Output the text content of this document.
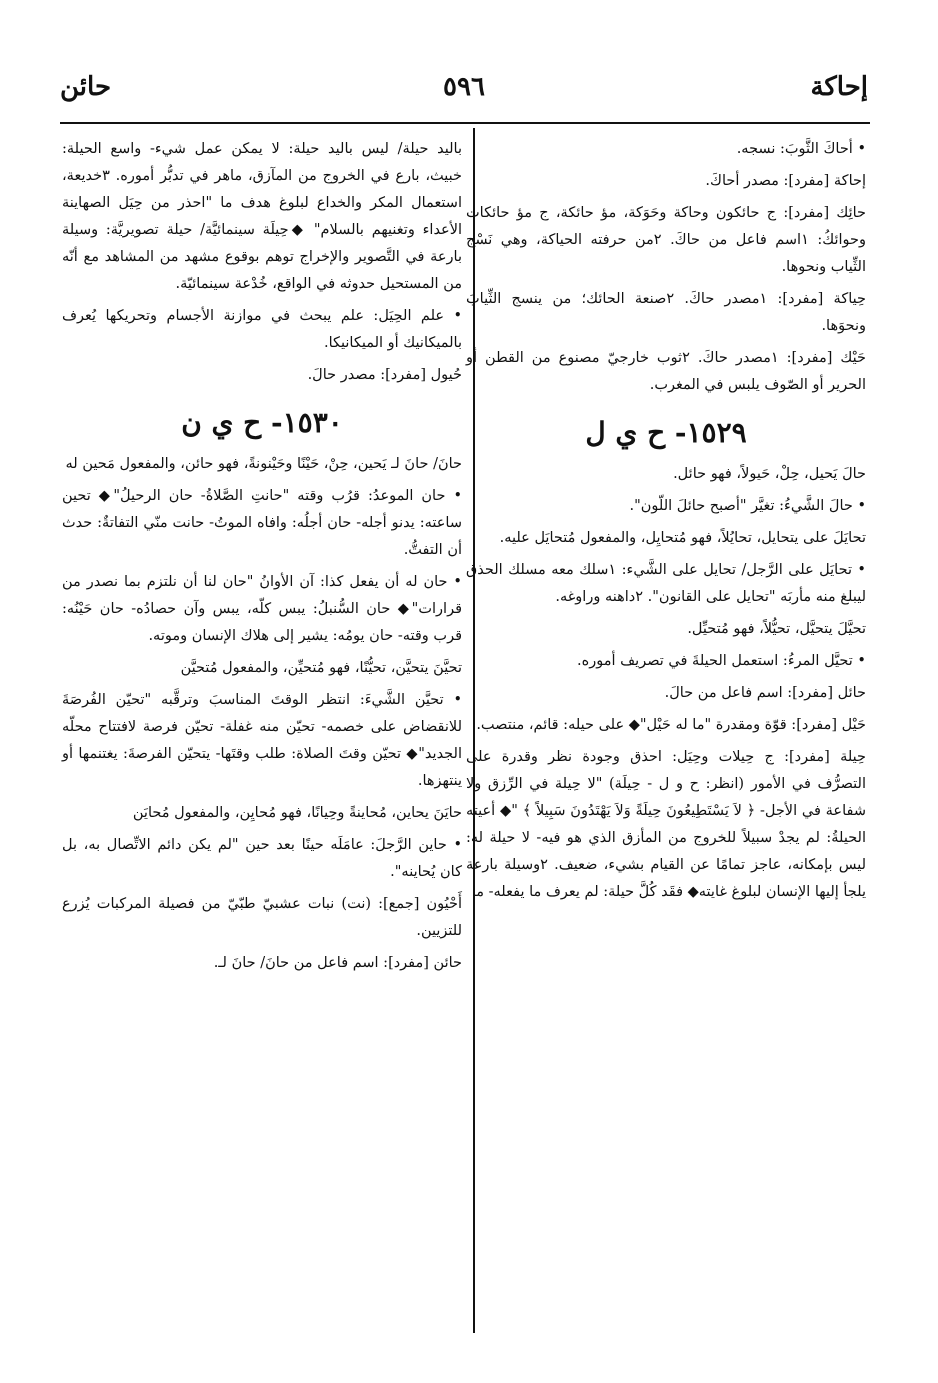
إحاكة
٥٩٦
حائن

• أحاكَ الثَّوبَ: نسجه.

إحاكة [مفرد]: مصدر أحاكَ.

حائِك [مفرد]: ج حائكون وحاكة وحَوَكة، مؤ حائكة، ج مؤ حائكات وحوائكُ: ١اسم فاعل من حاكَ. ٢من حرفته الحياكة، وهي نَسْج الثِّياب ونحوها.

حِياكة [مفرد]: ١مصدر حاكَ. ٢صنعة الحائك؛ من ينسج الثِّيابَ ونحوَها.

حَيْك [مفرد]: ١مصدر حاكَ. ٢ثوب خارجيّ مصنوع من القطن أو الحرير أو الصّوف يلبس في المغرب.

١٥٢٩- ح ي ل

حالَ يَحيل، حِلْ، حَيولاً، فهو حائل.

• حالَ الشَّيءُ: تغيَّر "أصبح حائلَ اللّون".

تحايَلَ على يتحايل، تحايُلاً، فهو مُتحايِل، والمفعول مُتحايَل عليه.

• تحايَل على الرَّجل/ تحايل على الشَّيء: ١سلك معه مسلك الحذق ليبلغ منه مأربَه "تحايل على القانون". ٢داهنه وراوغه.

تحيَّلَ يتحيَّل، تحيُّلاً، فهو مُتحيِّل.

• تحيَّل المرءُ: استعمل الحيلةَ في تصريف أموره.

حائل [مفرد]: اسم فاعل من حالَ.

حَيْل [مفرد]: قوّة ومقدرة "ما له حَيْل"◆ على حيله: قائم، منتصب.

حِيلة [مفرد]: ج حِيلات وحِيَل: احذق وجودة نظر وقدرة على التصرُّف في الأمور (انظر: ح و ل - حِيلَة) "لا حِيلة في الرِّزق ولا شفاعة في الأجل- ﴿ لاَ يَسْتَطِيعُونَ حِيلَةً وَلاَ يَهْتَدُونَ سَبِيلاً ﴾ "◆ أعيته الحيلةُ: لم يجدْ سبيلاً للخروج من المأزق الذي هو فيه- لا حيلة له: ليس بإمكانه، عاجز تمامًا عن القيام بشيء، ضعيف. ٢وسيلة بارعة يلجأ إليها الإنسان لبلوغ غايته◆ فقَد كُلَّ حيلة: لم يعرف ما يفعله- ما

باليد حيلة/ ليس باليد حيلة: لا يمكن عمل شيء- واسع الحيلة: خبيث، بارع في الخروج من المآزق، ماهر في تدبُّر أموره. ٣خديعة، استعمال المكر والخداع لبلوغ هدف ما "احذر من حِيَل الصهاينة الأعداء وتغنيهم بالسلام" ◆حِيلَة سينمائيَّة/ حيلة تصويريَّة: وسيلة بارعة في التَّصوير والإخراج توهم بوقوع مشهد من المشاهد مع أنّه من المستحيل حدوثه في الواقع، خُدْعة سينمائيّة.

• علم الحِيَل: علم يبحث في موازنة الأجسام وتحريكها يُعرف بالميكانيك أو الميكانيكا.

حُيول [مفرد]: مصدر حالَ.

١٥٣٠- ح ي ن

حانَ/ حانَ لـ يَحين، حِنْ، حَيْنًا وحَيْنونةً، فهو حائن، والمفعول مَحين له

• حان الموعدُ: قرُب وقته "حانتِ الصَّلاةُ- حان الرحيلُ"◆ تحين ساعته: يدنو أجله- حان أجلُه: وافاه الموتُ- حانت منّي التفاتةٌ: حدث أن التفتُّ.

• حان له أن يفعل كذا: آن الأوانُ "حان لنا أن نلتزم بما نصدر من قرارات"◆ حان السُّنبلُ: يبس كلّه، يبس وآن حصادُه- حان حَيْنُه: قرب وقته- حان يومُه: يشير إلى هلاك الإنسان وموته.

تحيَّنَ يتحيَّن، تحيُّنًا، فهو مُتحيِّن، والمفعول مُتحيَّن

• تحيَّن الشَّيءَ: انتظر الوقتَ المناسبَ وترقَّبه "تحيّن الفُرصَةَ للانقضاض على خصمه- تحيّن منه غفلة- تحيّن فرصة لافتتاح محلّه الجديد"◆ تحيّن وقتَ الصلاة: طلب وقتَها- يتحيّن الفرصةَ: يغتنمها أو ينتهزها.

حايَنَ يحاين، مُحاينةً وحِيانًا، فهو مُحايِن، والمفعول مُحايَن

• حاين الرَّجلَ: عامَلَه حينًا بعد حين "لم يكن دائم الاتِّصال به، بل كان يُحاينه".

أَحْيُون [جمع]: (نت) نبات عشبيّ طبّيّ من فصيلة المركبات يُزرع للتزيين.

حائن [مفرد]: اسم فاعل من حانَ/ حانَ لـ.
